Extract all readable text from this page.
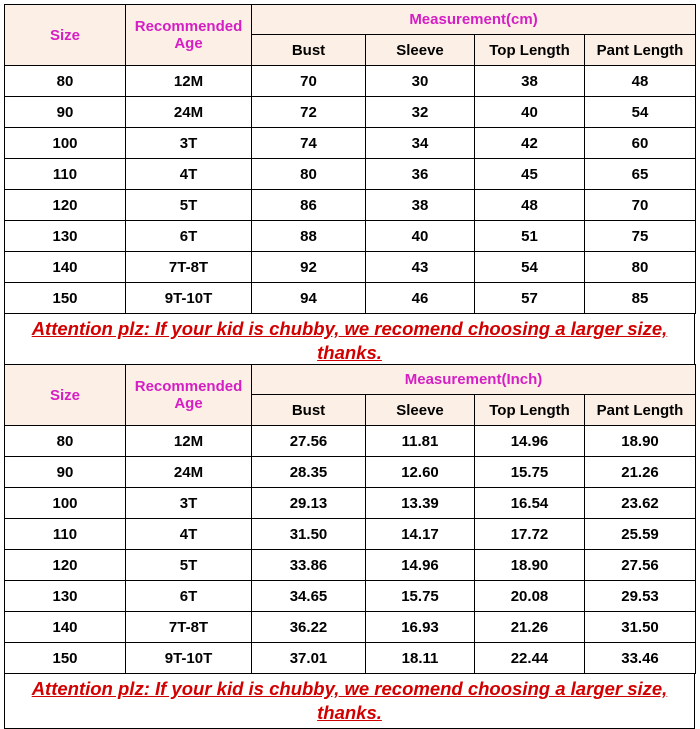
Size	Recommended Age	Measurement(cm)			
		Bust	Sleeve	Top Length	Pant Length
80	12M	70	30	38	48
90	24M	72	32	40	54
100	3T	74	34	42	60
110	4T	80	36	45	65
120	5T	86	38	48	70
130	6T	88	40	51	75
140	7T-8T	92	43	54	80
150	9T-10T	94	46	57	85
Attention plz: If your kid is chubby, we recomend choosing a larger size, thanks.
Size	Recommended Age	Measurement(Inch)			
		Bust	Sleeve	Top Length	Pant Length
80	12M	27.56	11.81	14.96	18.90
90	24M	28.35	12.60	15.75	21.26
100	3T	29.13	13.39	16.54	23.62
110	4T	31.50	14.17	17.72	25.59
120	5T	33.86	14.96	18.90	27.56
130	6T	34.65	15.75	20.08	29.53
140	7T-8T	36.22	16.93	21.26	31.50
150	9T-10T	37.01	18.11	22.44	33.46
Attention plz: If your kid is chubby, we recomend choosing a larger size, thanks.
